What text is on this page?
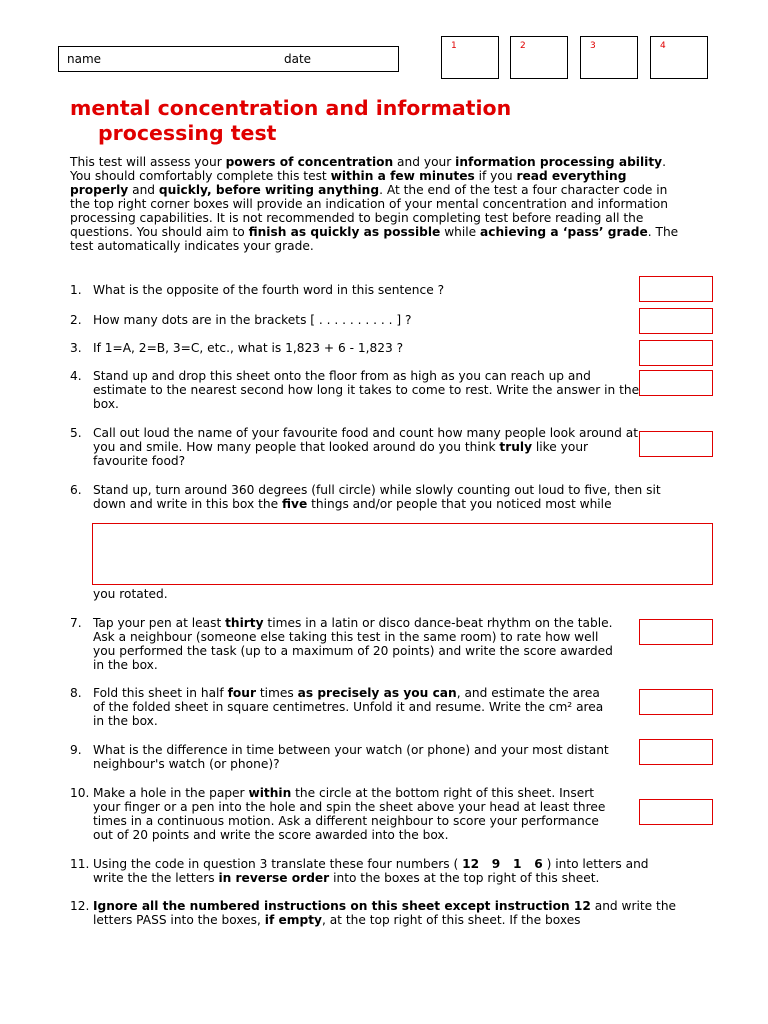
name	date
1	2	3	4
mental concentration and information
processing test
This test will assess your powers of concentration and your information processing ability. You should comfortably complete this test within a few minutes if you read everything properly and quickly, before writing anything. At the end of the test a four character code in the top right corner boxes will provide an indication of your mental concentration and information processing capabilities. It is not recommended to begin completing test before reading all the questions. You should aim to finish as quickly as possible while achieving a ‘pass’ grade. The test automatically indicates your grade.
1. What is the opposite of the fourth word in this sentence ?
2. How many dots are in the brackets [ . . . . . . . . . . ] ?
3. If 1=A, 2=B, 3=C, etc., what is 1,823 + 6 - 1,823 ?
4. Stand up and drop this sheet onto the floor from as high as you can reach up and estimate to the nearest second how long it takes to come to rest. Write the answer in the box.
5. Call out loud the name of your favourite food and count how many people look around at you and smile. How many people that looked around do you think truly like your favourite food?
6. Stand up, turn around 360 degrees (full circle) while slowly counting out loud to five, then sit down and write in this box the five things and/or people that you noticed most while
you rotated.
7. Tap your pen at least thirty times in a latin or disco dance-beat rhythm on the table. Ask a neighbour (someone else taking this test in the same room) to rate how well you performed the task (up to a maximum of 20 points) and write the score awarded in the box.
8. Fold this sheet in half four times as precisely as you can, and estimate the area of the folded sheet in square centimetres. Unfold it and resume. Write the cm² area in the box.
9. What is the difference in time between your watch (or phone) and your most distant neighbour's watch (or phone)?
10. Make a hole in the paper within the circle at the bottom right of this sheet. Insert your finger or a pen into the hole and spin the sheet above your head at least three times in a continuous motion. Ask a different neighbour to score your performance out of 20 points and write the score awarded into the box.
11. Using the code in question 3 translate these four numbers ( 12   9   1   6 ) into letters and write the the letters in reverse order into the boxes at the top right of this sheet.
12. Ignore all the numbered instructions on this sheet except instruction 12 and write the letters PASS into the boxes, if empty, at the top right of this sheet. If the boxes
